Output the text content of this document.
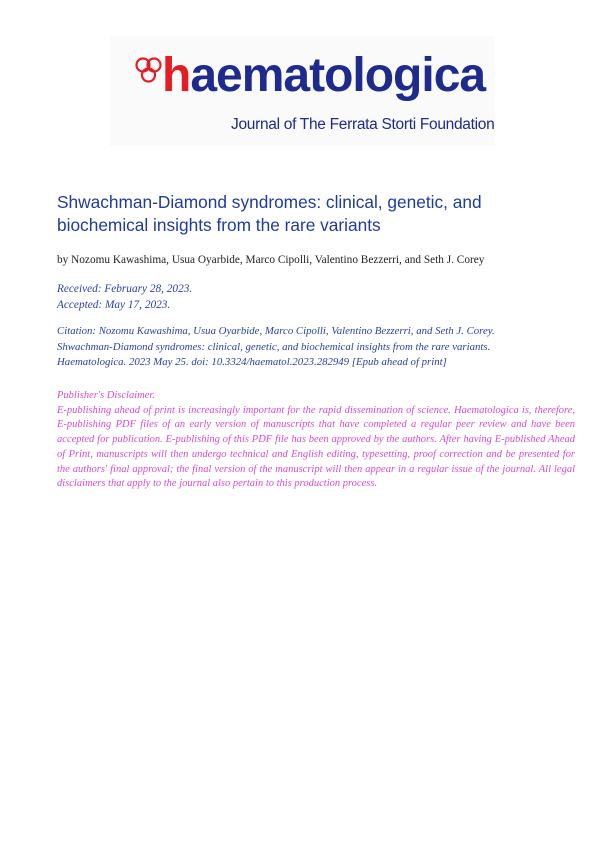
haematologica
Journal of The Ferrata Storti Foundation
Shwachman-Diamond syndromes: clinical, genetic, and biochemical insights from the rare variants
by Nozomu Kawashima, Usua Oyarbide, Marco Cipolli, Valentino Bezzerri, and Seth J. Corey
Received: February 28, 2023.
Accepted: May 17, 2023.
Citation: Nozomu Kawashima, Usua Oyarbide, Marco Cipolli, Valentino Bezzerri, and Seth J. Corey.
Shwachman-Diamond syndromes: clinical, genetic, and biochemical insights from the rare variants.
Haematologica. 2023 May 25. doi: 10.3324/haematol.2023.282949 [Epub ahead of print]
Publisher's Disclaimer.
E-publishing ahead of print is increasingly important for the rapid dissemination of science. Haematologica is, therefore, E-publishing PDF files of an early version of manuscripts that have completed a regular peer review and have been accepted for publication. E-publishing of this PDF file has been approved by the authors. After having E-published Ahead of Print, manuscripts will then undergo technical and English editing, typesetting, proof correction and be presented for the authors' final approval; the final version of the manuscript will then appear in a regular issue of the journal. All legal disclaimers that apply to the journal also pertain to this production process.
